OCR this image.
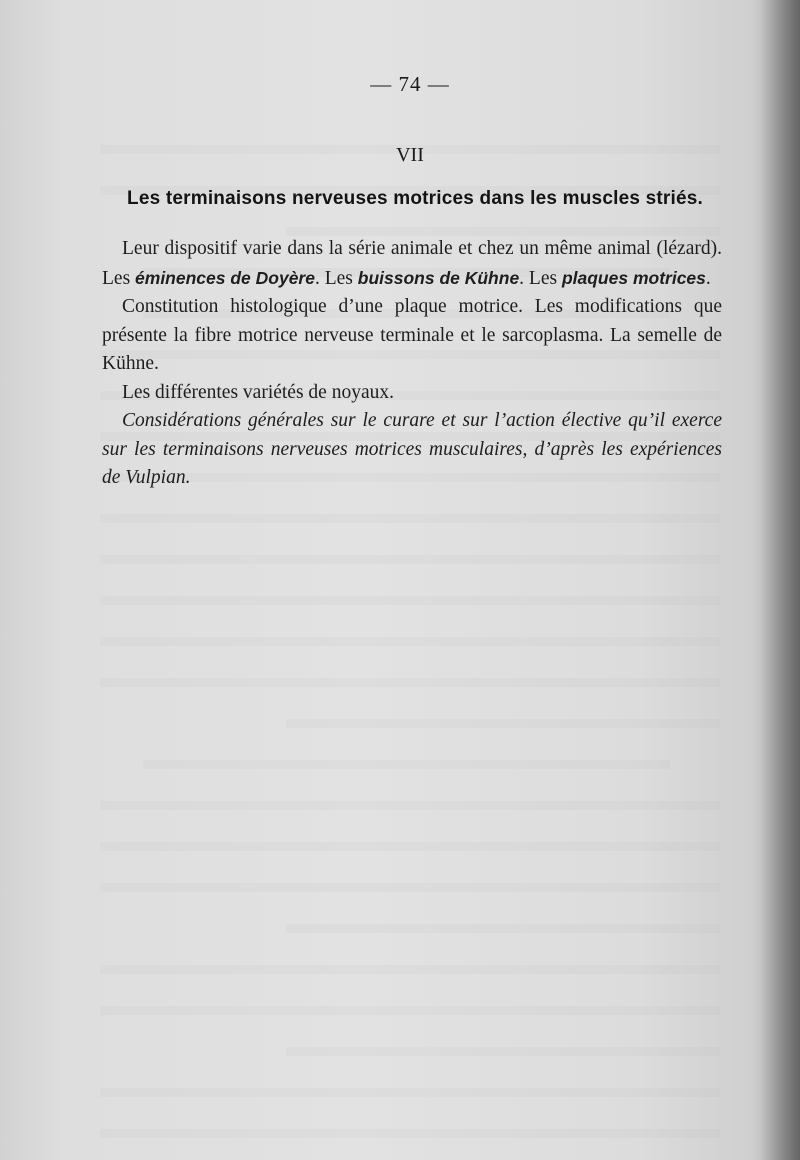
— 74 —
VII
Les terminaisons nerveuses motrices dans les muscles striés.

Leur dispositif varie dans la série animale et chez un même animal (lézard). Les éminences de Doyère. Les buissons de Kühne. Les plaques motrices.

Constitution histologique d’une plaque motrice. Les modifications que présente la fibre motrice nerveuse terminale et le sarcoplasma. La semelle de Kühne.

Les différentes variétés de noyaux.

Considérations générales sur le curare et sur l’action élective qu’il exerce sur les terminaisons nerveuses motrices musculaires, d’après les expériences de Vulpian.
